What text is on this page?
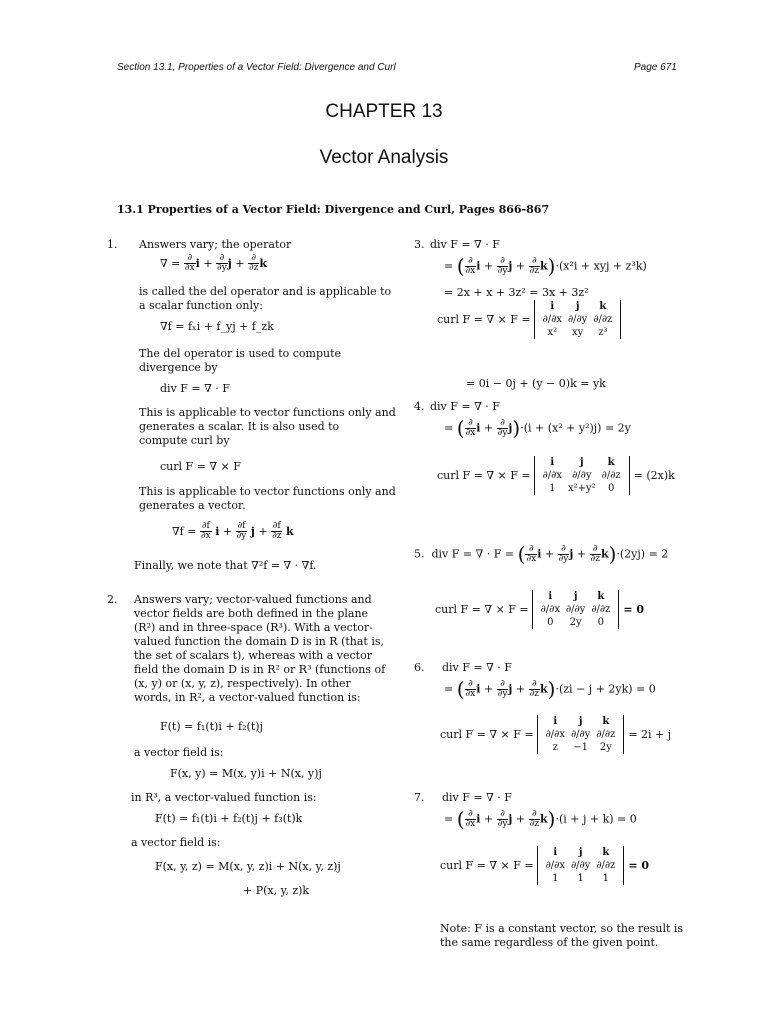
Section 13.1, Properties of a Vector Field: Divergence and Curl	Page 671
CHAPTER 13
Vector Analysis
13.1 Properties of a Vector Field: Divergence and Curl, Pages 866-867
1. Answers vary; the operator
∇ = $\frac{\partial}{\partial x}$ $i + \frac{\partial}{\partial y}$ $j + \frac{\partial}{\partial z}$ k
is called the del operator and is applicable to
a scalar function only:
∇f = fₓi + f_yj + f_zk
The del operator is used to compute
divergence by
div F = ∇ · F
This is applicable to vector functions only and
generates a scalar. It is also used to
compute curl by
curl F = ∇ × F
This is applicable to vector functions only and
generates a vector.
$\nabla f = \frac{\partial f}{\partial x}$ $i + \frac{\partial f}{\partial y}$ $j + \frac{\partial f}{\partial z}$ k
Finally, we note that ∇²f = ∇ · ∇f.
2. Answers vary; vector-valued functions and
vector fields are both defined in the plane
(R²) and in three-space (R³). With a vector-
valued function the domain D is in R (that is,
the set of scalars t), whereas with a vector
field the domain D is in R² or R³ (functions of
(x, y) or (x, y, z), respectively). In other
words, in R², a vector-valued function is:
F(t) = f₁(t)i + f₂(t)j
a vector field is:
F(x, y) = M(x, y)i + N(x, y)j
in R³, a vector-valued function is:
F(t) = f₁(t)i + f₂(t)j + f₃(t)k
a vector field is:
F(x, y, z) = M(x, y, z)i + N(x, y, z)j
+ P(x, y, z)k
3. div F = ∇ · F
= ( $\frac{\partial}{\partial x}$ $i + \frac{\partial}{\partial y}$ $j + \frac{\partial}{\partial z} k)\cdot(x^2i$ + xyj + z³k)
= 2x + x + 3z² = 3x + 3z²
curl F = ∇ × F =
i	j	k
∂/∂x	∂/∂y	∂/∂z
x²	xy	z³
= 0i − 0j + (y − 0)k = yk
4. div F = ∇ · F
= ( $\frac{\partial}{\partial x}$ $i + \frac{\partial}{\partial y} j)\cdot(i + (x^2 + y^2)j) = 2y$
curl F = ∇ × F =
i	j	k
∂/∂x	∂/∂y	∂/∂z
1	x²+y²	0
= (2x)k
5. div F = ∇ · F = ( $\frac{\partial}{\partial x}$ $i + \frac{\partial}{\partial y}$ $j + \frac{\partial}{\partial z} k)\cdot(2yj) = 2$
curl F = ∇ × F =
i	j	k
∂/∂x	∂/∂y	∂/∂z
0	2y	0
= 0
6. div F = ∇ · F
= ( $\frac{\partial}{\partial x}$ $i + \frac{\partial}{\partial y}$ $j + \frac{\partial}{\partial z} k)\cdot(zi - j + 2yk) = 0$
curl F = ∇ × F =
i	j	k
∂/∂x	∂/∂y	∂/∂z
z	−1	2y
= 2i + j
7. div F = ∇ · F
= ( $\frac{\partial}{\partial x}$ $i + \frac{\partial}{\partial y}$ $j + \frac{\partial}{\partial z} k)\cdot(i + j + k) = 0$
curl F = ∇ × F =
i	j	k
∂/∂x	∂/∂y	∂/∂z
1	1	1
= 0
Note: F is a constant vector, so the result is
the same regardless of the given point.
